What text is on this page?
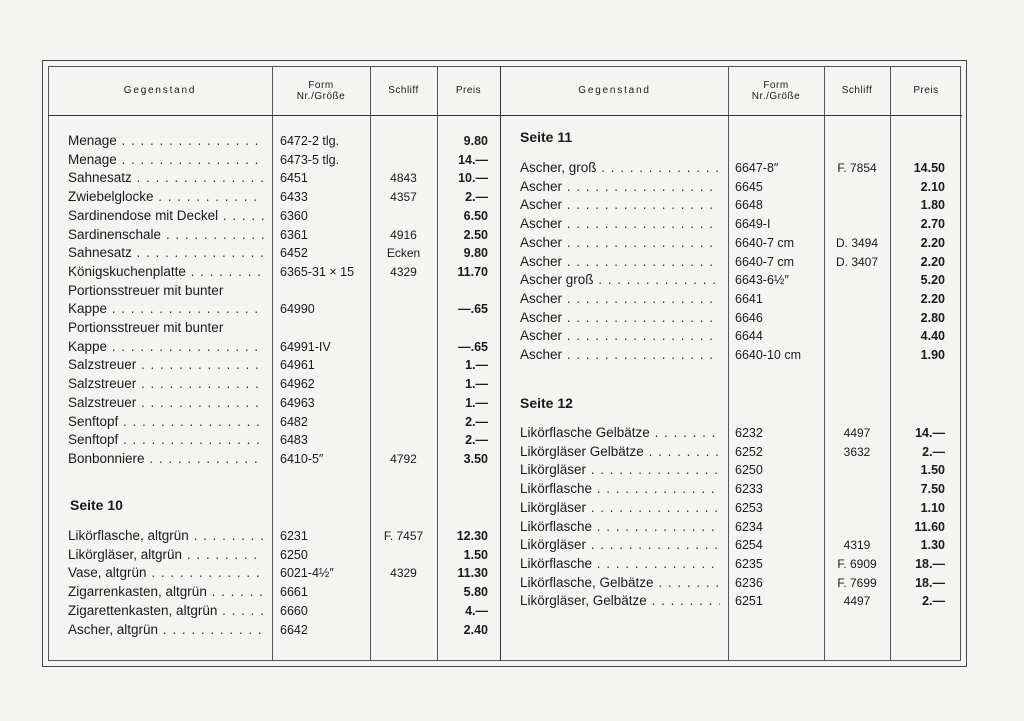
Gegenstand	Form
Nr./Größe	Schliff	Preis
Menage . . .	6472-2 tlg.	9.80
Menage . . .	6473-5 tlg.	14.—
Sahnesatz . . .	6451	4843	10.—
Zwiebelglocke . . .	6433	4357	2.—
Sardinendose mit Deckel . . .	6360	6.50
Sardinenschale . . .	6361	4916	2.50
Sahnesatz . . .	6452	Ecken	9.80
Königskuchenplatte . . .	6365-31 × 15	4329	11.70
Portionsstreuer mit bunter
Kappe . . .	64990	—.65
Portionsstreuer mit bunter
Kappe . . .	64991-IV	—.65
Salzstreuer . . .	64961	1.—
Salzstreuer . . .	64962	1.—
Salzstreuer . . .	64963	1.—
Senftopf . . .	6482	2.—
Senftopf . . .	6483	2.—
Bonbonniere . . .	6410-5″	4792	3.50
Seite 10
Likörflasche, altgrün . . .	6231	F. 7457	12.30
Likörgläser, altgrün . . .	6250	1.50
Vase, altgrün . . .	6021-4½″	4329	11.30
Zigarrenkasten, altgrün . . .	6661	5.80
Zigarettenkasten, altgrün . . .	6660	4.—
Ascher, altgrün . . .	6642	2.40
Gegenstand	Form
Nr./Größe	Schliff	Preis
Seite 11
Ascher, groß . . .	6647-8″	F. 7854	14.50
Ascher . . .	6645	2.10
Ascher . . .	6648	1.80
Ascher . . .	6649-I	2.70
Ascher . . .	6640-7 cm	D. 3494	2.20
Ascher . . .	6640-7 cm	D. 3407	2.20
Ascher groß . . .	6643-6½″	5.20
Ascher . . .	6641	2.20
Ascher . . .	6646	2.80
Ascher . . .	6644	4.40
Ascher . . .	6640-10 cm	1.90
Seite 12
Likörflasche Gelbätze . . .	6232	4497	14.—
Likörgläser Gelbätze . . .	6252	3632	2.—
Likörgläser . . .	6250	1.50
Likörflasche . . .	6233	7.50
Likörgläser . . .	6253	1.10
Likörflasche . . .	6234	11.60
Likörgläser . . .	6254	4319	1.30
Likörflasche . . .	6235	F. 6909	18.—
Likörflasche, Gelbätze . . .	6236	F. 7699	18.—
Likörgläser, Gelbätze . . .	6251	4497	2.—
